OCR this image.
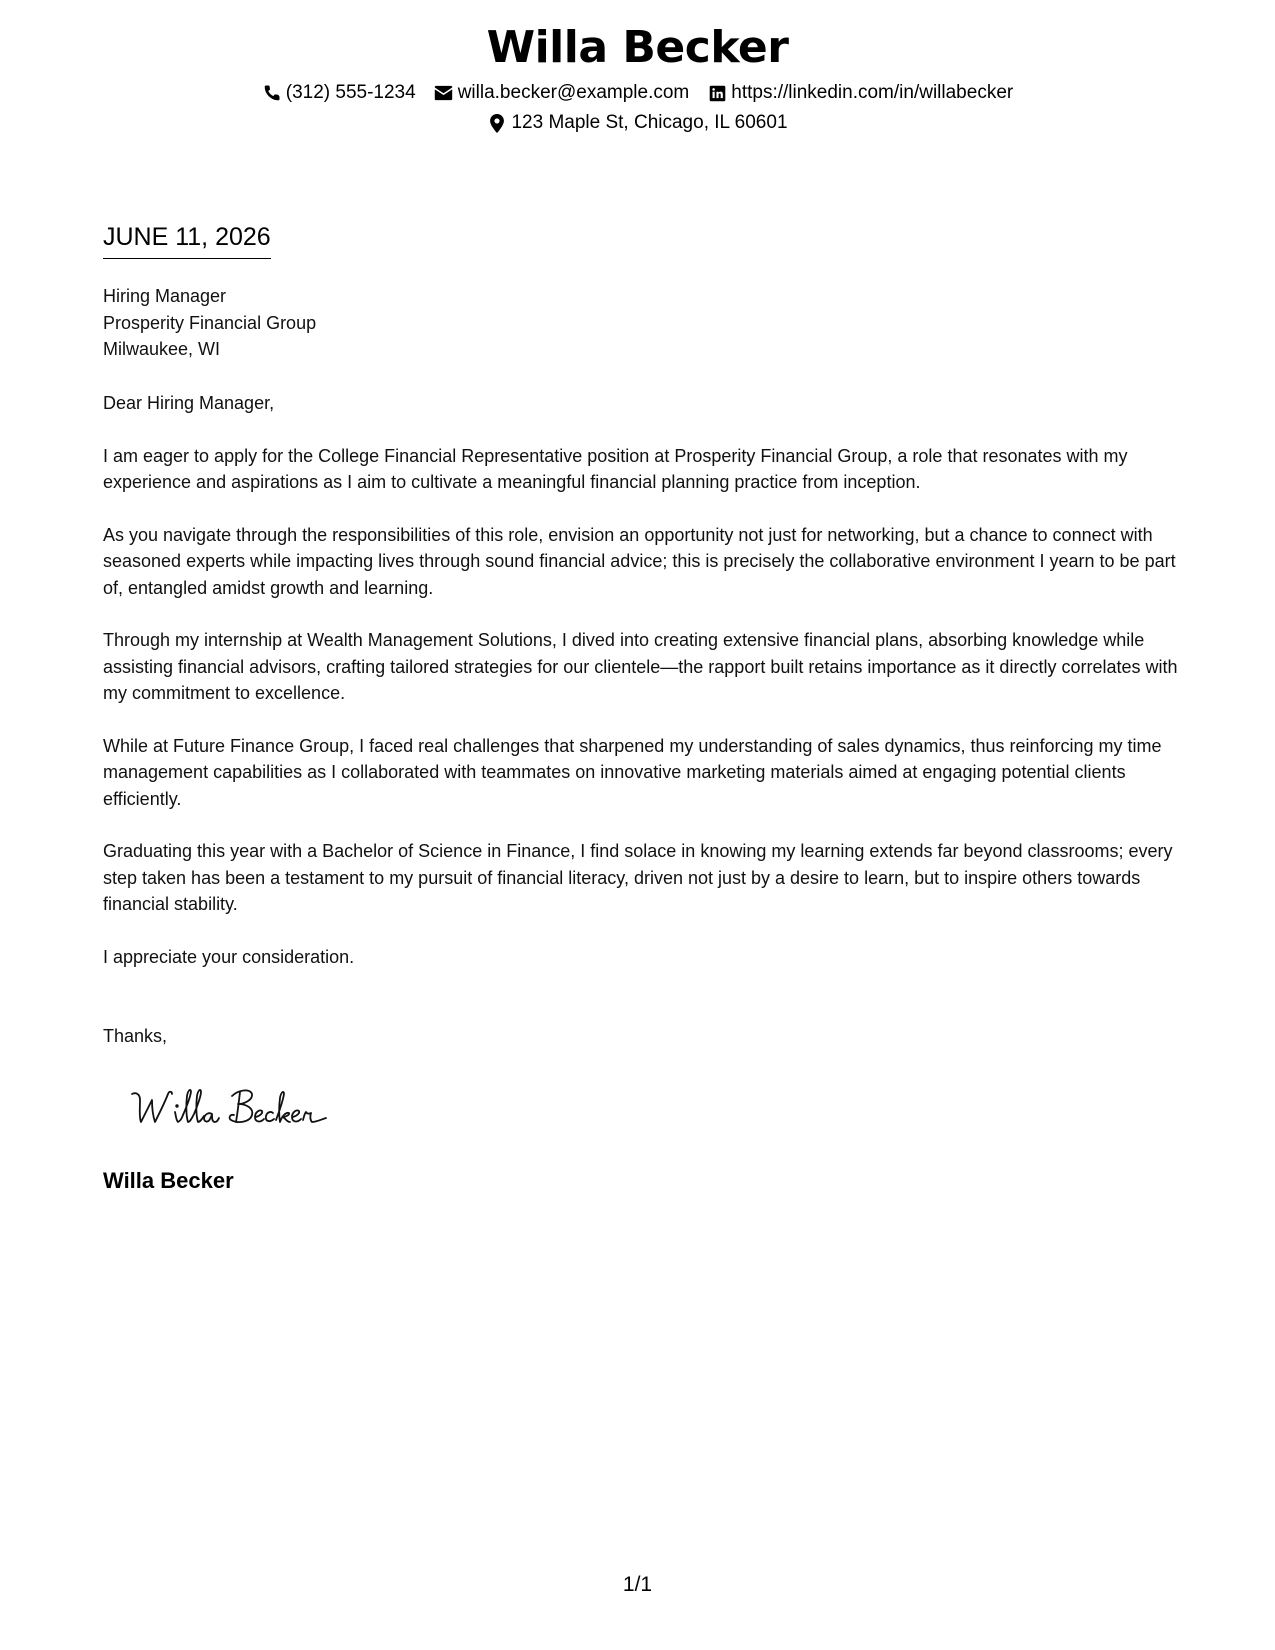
Willa Becker
(312) 555-1234 willa.becker@example.com https://linkedin.com/in/willabecker
123 Maple St, Chicago, IL 60601
JUNE 11, 2026
Hiring Manager
Prosperity Financial Group
Milwaukee, WI

Dear Hiring Manager,

I am eager to apply for the College Financial Representative position at Prosperity Financial Group, a role that resonates with my experience and aspirations as I aim to cultivate a meaningful financial planning practice from inception.

As you navigate through the responsibilities of this role, envision an opportunity not just for networking, but a chance to connect with seasoned experts while impacting lives through sound financial advice; this is precisely the collaborative environment I yearn to be part of, entangled amidst growth and learning.

Through my internship at Wealth Management Solutions, I dived into creating extensive financial plans, absorbing knowledge while assisting financial advisors, crafting tailored strategies for our clientele—the rapport built retains importance as it directly correlates with my commitment to excellence.

While at Future Finance Group, I faced real challenges that sharpened my understanding of sales dynamics, thus reinforcing my time management capabilities as I collaborated with teammates on innovative marketing materials aimed at engaging potential clients efficiently.

Graduating this year with a Bachelor of Science in Finance, I find solace in knowing my learning extends far beyond classrooms; every step taken has been a testament to my pursuit of financial literacy, driven not just by a desire to learn, but to inspire others towards financial stability.

I appreciate your consideration.

Thanks,
Willa Becker
1/1
